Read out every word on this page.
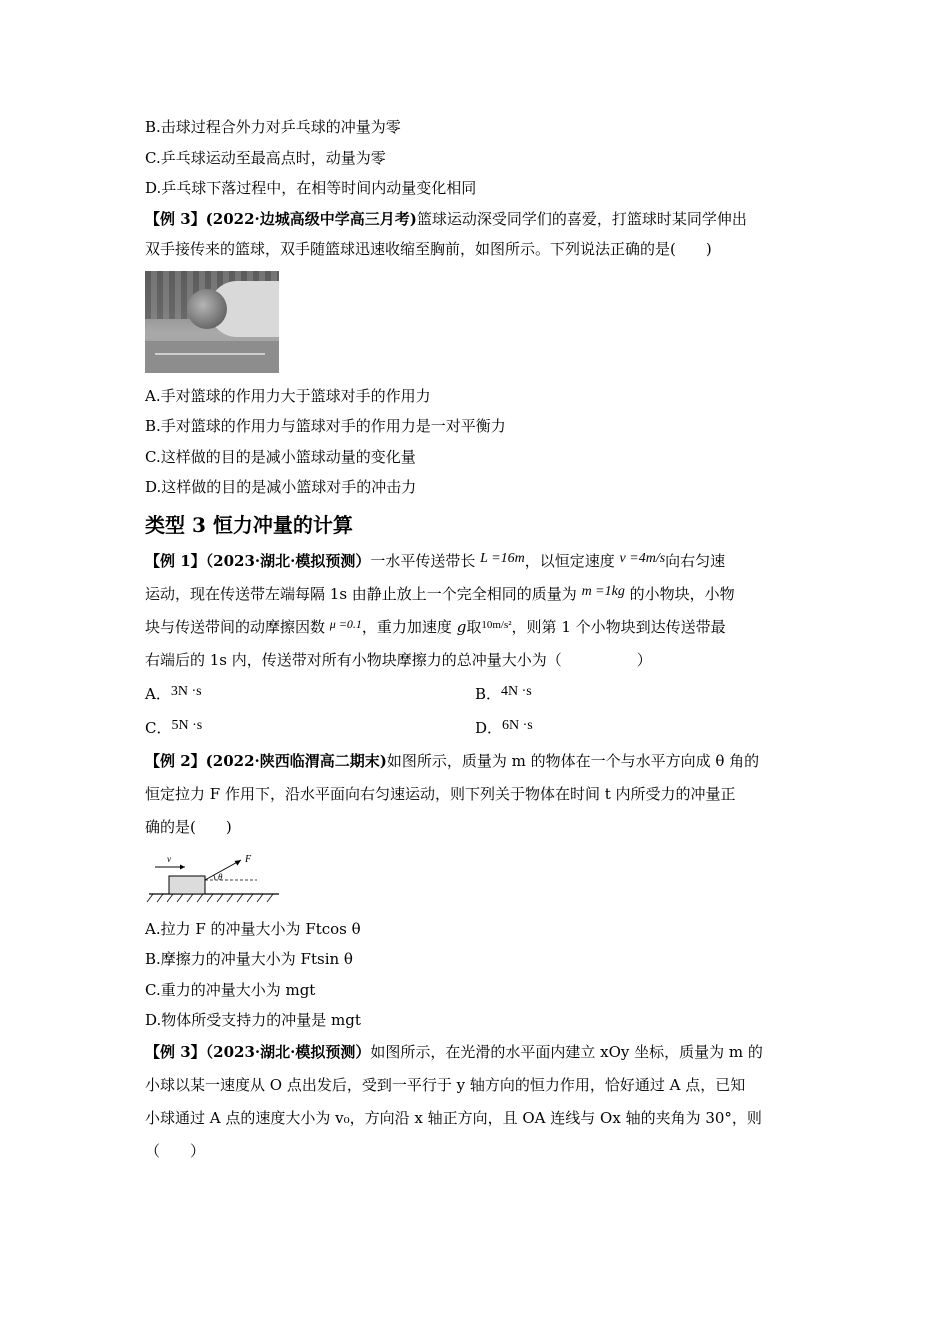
B.击球过程合外力对乒乓球的冲量为零
C.乒乓球运动至最高点时，动量为零
D.乒乓球下落过程中，在相等时间内动量变化相同
【例 3】(2022·边城高级中学高三月考)篮球运动深受同学们的喜爱，打篮球时某同学伸出
双手接传来的篮球，双手随篮球迅速收缩至胸前，如图所示。下列说法正确的是(　　)
A.手对篮球的作用力大于篮球对手的作用力
B.手对篮球的作用力与篮球对手的作用力是一对平衡力
C.这样做的目的是减小篮球动量的变化量
D.这样做的目的是减小篮球对手的冲击力
类型 3 恒力冲量的计算
【例 1】（2023·湖北·模拟预测）一水平传送带长 L =16m，以恒定速度 v =4m/s向右匀速
运动，现在传送带左端每隔 1s 由静止放上一个完全相同的质量为 m =1kg 的小物块，小物
块与传送带间的动摩擦因数 $^{\mu =0.1}$，重力加速度 g取$^{10m/s^2}$，则第 1 个小物块到达传送带最
右端后的 1s 内，传送带对所有小物块摩擦力的总冲量大小为（　　　　　）
A．3N ·s	B．4N ·s
C．5N ·s	D．6N ·s
【例 2】(2022·陕西临渭高二期末)如图所示，质量为 m 的物体在一个与水平方向成 θ 角的
恒定拉力 F 作用下，沿水平面向右匀速运动，则下列关于物体在时间 t 内所受力的冲量正
确的是(　　)
v	F
θ
A.拉力 F 的冲量大小为 Ftcos θ
B.摩擦力的冲量大小为 Ftsin θ
C.重力的冲量大小为 mgt
D.物体所受支持力的冲量是 mgt
【例 3】（2023·湖北·模拟预测）如图所示，在光滑的水平面内建立 xOy 坐标，质量为 m 的
小球以某一速度从 O 点出发后，受到一平行于 y 轴方向的恒力作用，恰好通过 A 点，已知
小球通过 A 点的速度大小为 v₀，方向沿 x 轴正方向，且 OA 连线与 Ox 轴的夹角为 30°，则
（　　）
